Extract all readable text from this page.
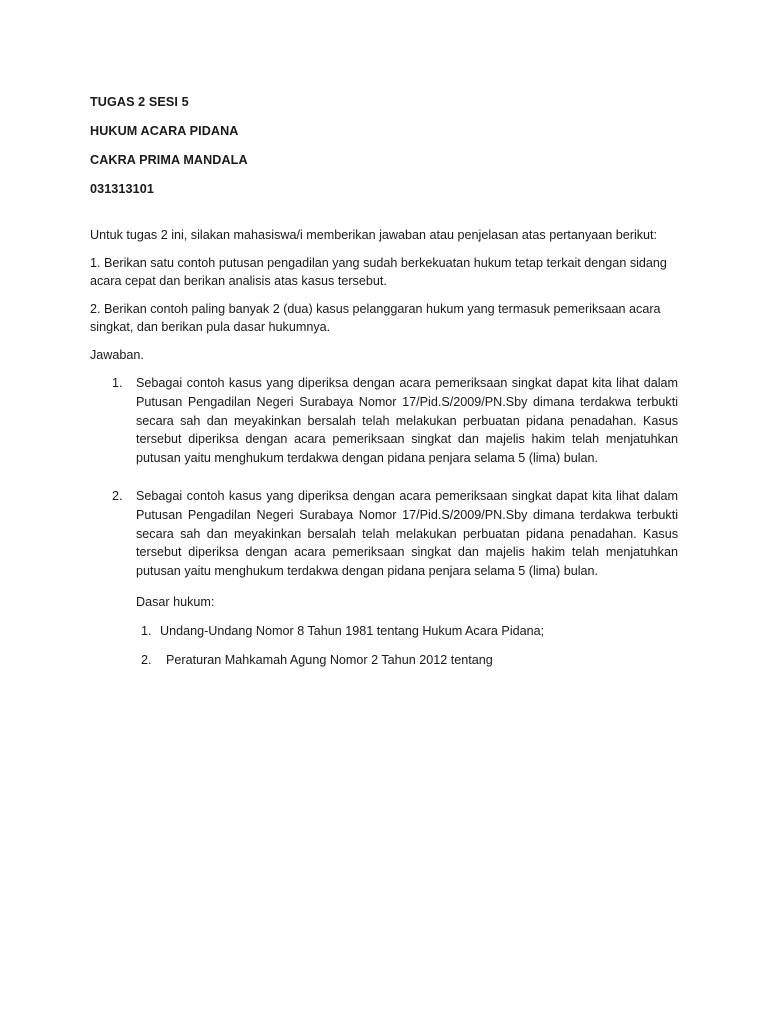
TUGAS 2 SESI 5

HUKUM ACARA PIDANA

CAKRA PRIMA MANDALA

031313101

Untuk tugas 2 ini, silakan mahasiswa/i memberikan jawaban atau penjelasan atas pertanyaan berikut:

1. Berikan satu contoh putusan pengadilan yang sudah berkekuatan hukum tetap terkait dengan sidang acara cepat dan berikan analisis atas kasus tersebut.

2. Berikan contoh paling banyak 2 (dua) kasus pelanggaran hukum yang termasuk pemeriksaan acara singkat, dan berikan pula dasar hukumnya.

Jawaban.

1. Sebagai contoh kasus yang diperiksa dengan acara pemeriksaan singkat dapat kita lihat dalam Putusan Pengadilan Negeri Surabaya Nomor 17/Pid.S/2009/PN.Sby dimana terdakwa terbukti secara sah dan meyakinkan bersalah telah melakukan perbuatan pidana penadahan. Kasus tersebut diperiksa dengan acara pemeriksaan singkat dan majelis hakim telah menjatuhkan putusan yaitu menghukum terdakwa dengan pidana penjara selama 5 (lima) bulan.
2. Sebagai contoh kasus yang diperiksa dengan acara pemeriksaan singkat dapat kita lihat dalam Putusan Pengadilan Negeri Surabaya Nomor 17/Pid.S/2009/PN.Sby dimana terdakwa terbukti secara sah dan meyakinkan bersalah telah melakukan perbuatan pidana penadahan. Kasus tersebut diperiksa dengan acara pemeriksaan singkat dan majelis hakim telah menjatuhkan putusan yaitu menghukum terdakwa dengan pidana penjara selama 5 (lima) bulan.

Dasar hukum:

1. Undang-Undang Nomor 8 Tahun 1981 tentang Hukum Acara Pidana;
2. Peraturan Mahkamah Agung Nomor 2 Tahun 2012 tentang
